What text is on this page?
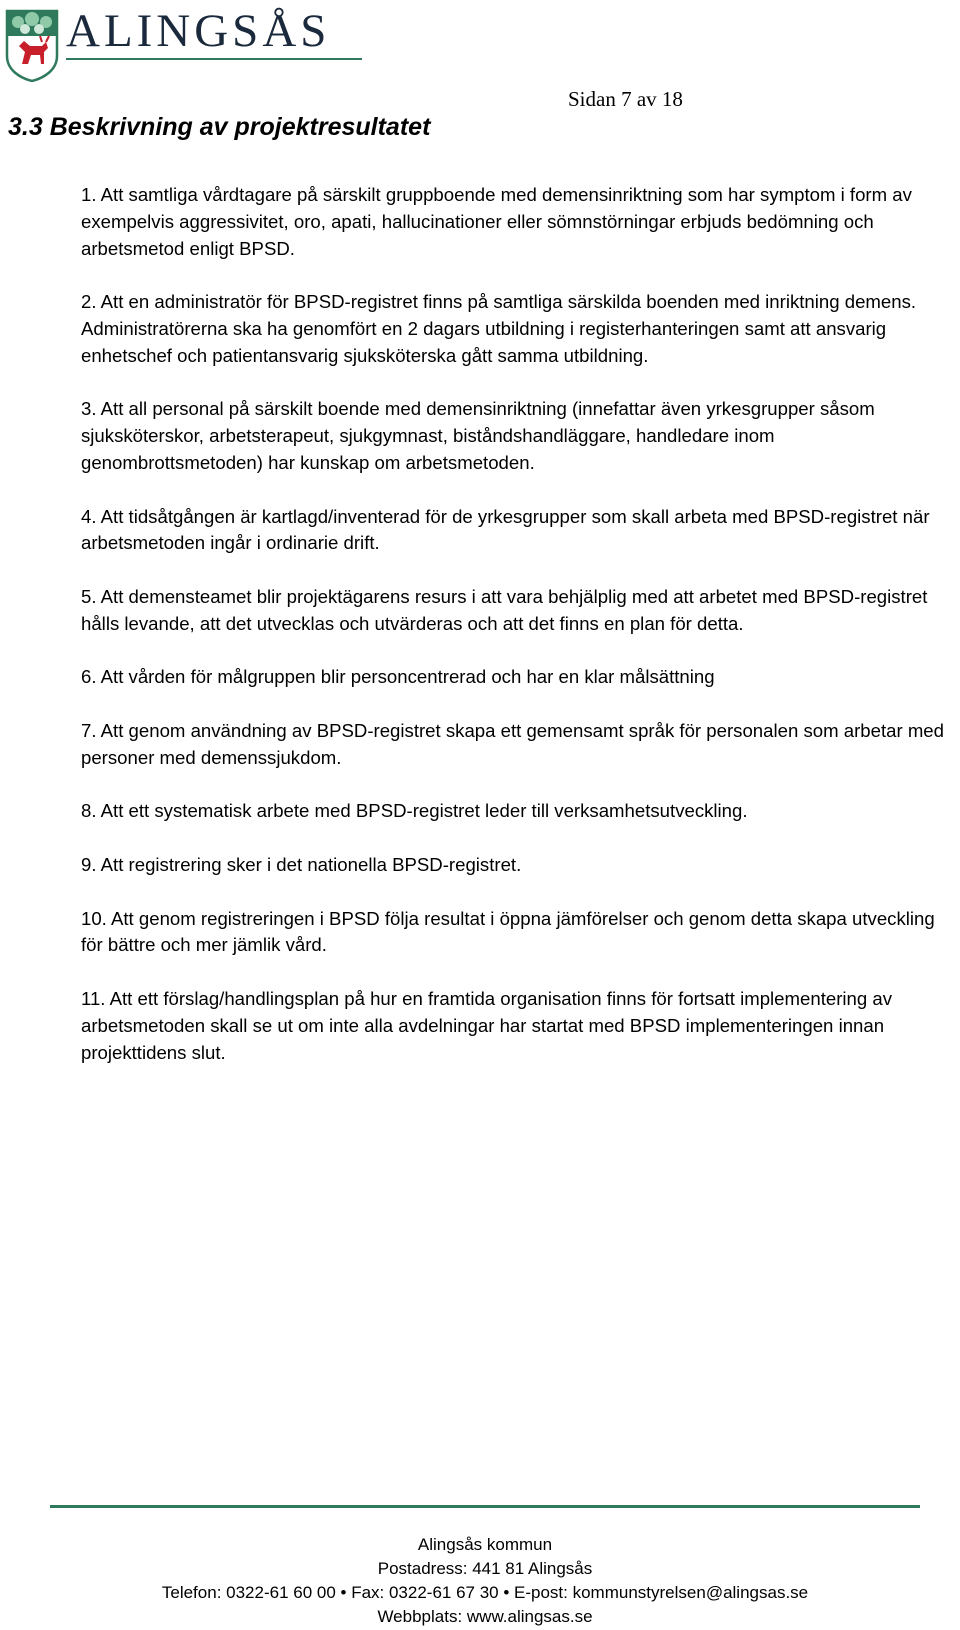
ALINGSÅS
Sidan 7 av 18
3.3 Beskrivning av projektresultatet
1. Att samtliga vårdtagare på särskilt gruppboende med demensinriktning som har symptom i form av exempelvis aggressivitet, oro, apati, hallucinationer eller sömnstörningar erbjuds bedömning och arbetsmetod enligt BPSD.
2. Att en administratör för BPSD-registret finns på samtliga särskilda boenden med inriktning demens. Administratörerna ska ha genomfört en 2 dagars utbildning i registerhanteringen samt att ansvarig enhetschef och patientansvarig sjuksköterska gått samma utbildning.
3. Att all personal på särskilt boende med demensinriktning (innefattar även yrkesgrupper såsom sjuksköterskor, arbetsterapeut, sjukgymnast, biståndshandläggare, handledare inom genombrottsmetoden) har kunskap om arbetsmetoden.
4. Att tidsåtgången är kartlagd/inventerad för de yrkesgrupper som skall arbeta med BPSD-registret när arbetsmetoden ingår i ordinarie drift.
5. Att demensteamet blir projektägarens resurs i att vara behjälplig med att arbetet med BPSD-registret hålls levande, att det utvecklas och utvärderas och att det finns en plan för detta.
6. Att vården för målgruppen blir personcentrerad och har en klar målsättning
7. Att genom användning av BPSD-registret skapa ett gemensamt språk för personalen som arbetar med personer med demenssjukdom.
8. Att ett systematisk arbete med BPSD-registret leder till verksamhetsutveckling.
9. Att registrering sker i det nationella BPSD-registret.
10. Att genom registreringen i BPSD följa resultat i öppna jämförelser och genom detta skapa utveckling för bättre och mer jämlik vård.
11. Att ett förslag/handlingsplan på hur en framtida organisation finns för fortsatt implementering av arbetsmetoden skall se ut om inte alla avdelningar har startat med BPSD implementeringen innan projekttidens slut.
Alingsås kommun
Postadress: 441 81 Alingsås
Telefon: 0322-61 60 00 • Fax: 0322-61 67 30 • E-post: kommunstyrelsen@alingsas.se
Webbplats: www.alingsas.se
